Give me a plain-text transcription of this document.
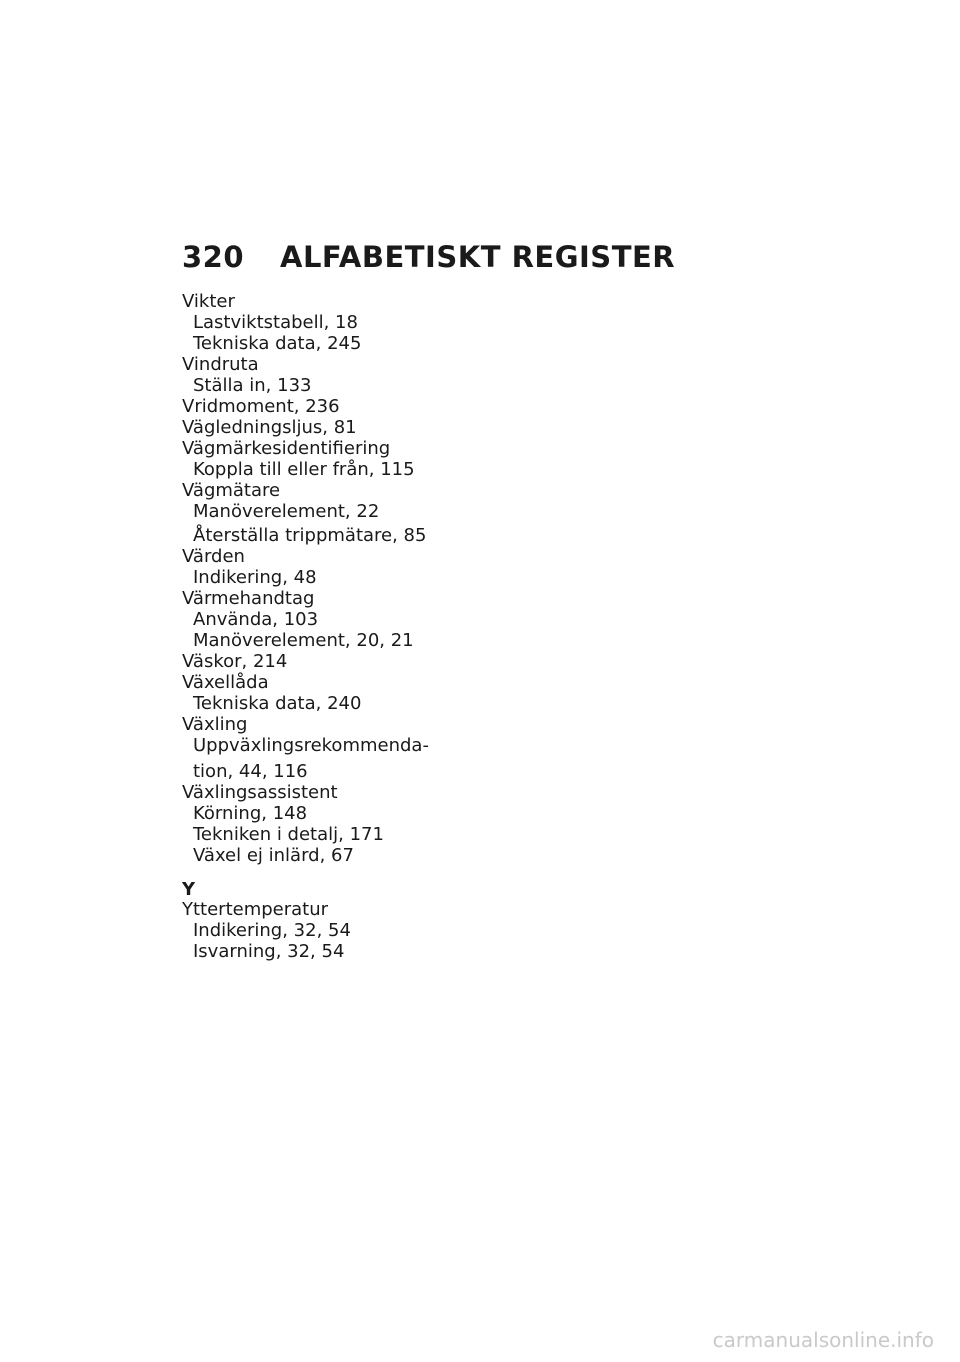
320 ALFABETISKT REGISTER
Vikter
Lastviktstabell, 18
Tekniska data, 245
Vindruta
Ställa in, 133
Vridmoment, 236
Vägledningsljus, 81
Vägmärkesidentifiering
Koppla till eller från, 115
Vägmätare
Manöverelement, 22
Återställa trippmätare, 85
Värden
Indikering, 48
Värmehandtag
Använda, 103
Manöverelement, 20, 21
Väskor, 214
Växellåda
Tekniska data, 240
Växling
Uppväxlingsrekommenda-
tion, 44, 116
Växlingsassistent
Körning, 148
Tekniken i detalj, 171
Växel ej inlärd, 67
Y
Yttertemperatur
Indikering, 32, 54
Isvarning, 32, 54
carmanualsonline.info
